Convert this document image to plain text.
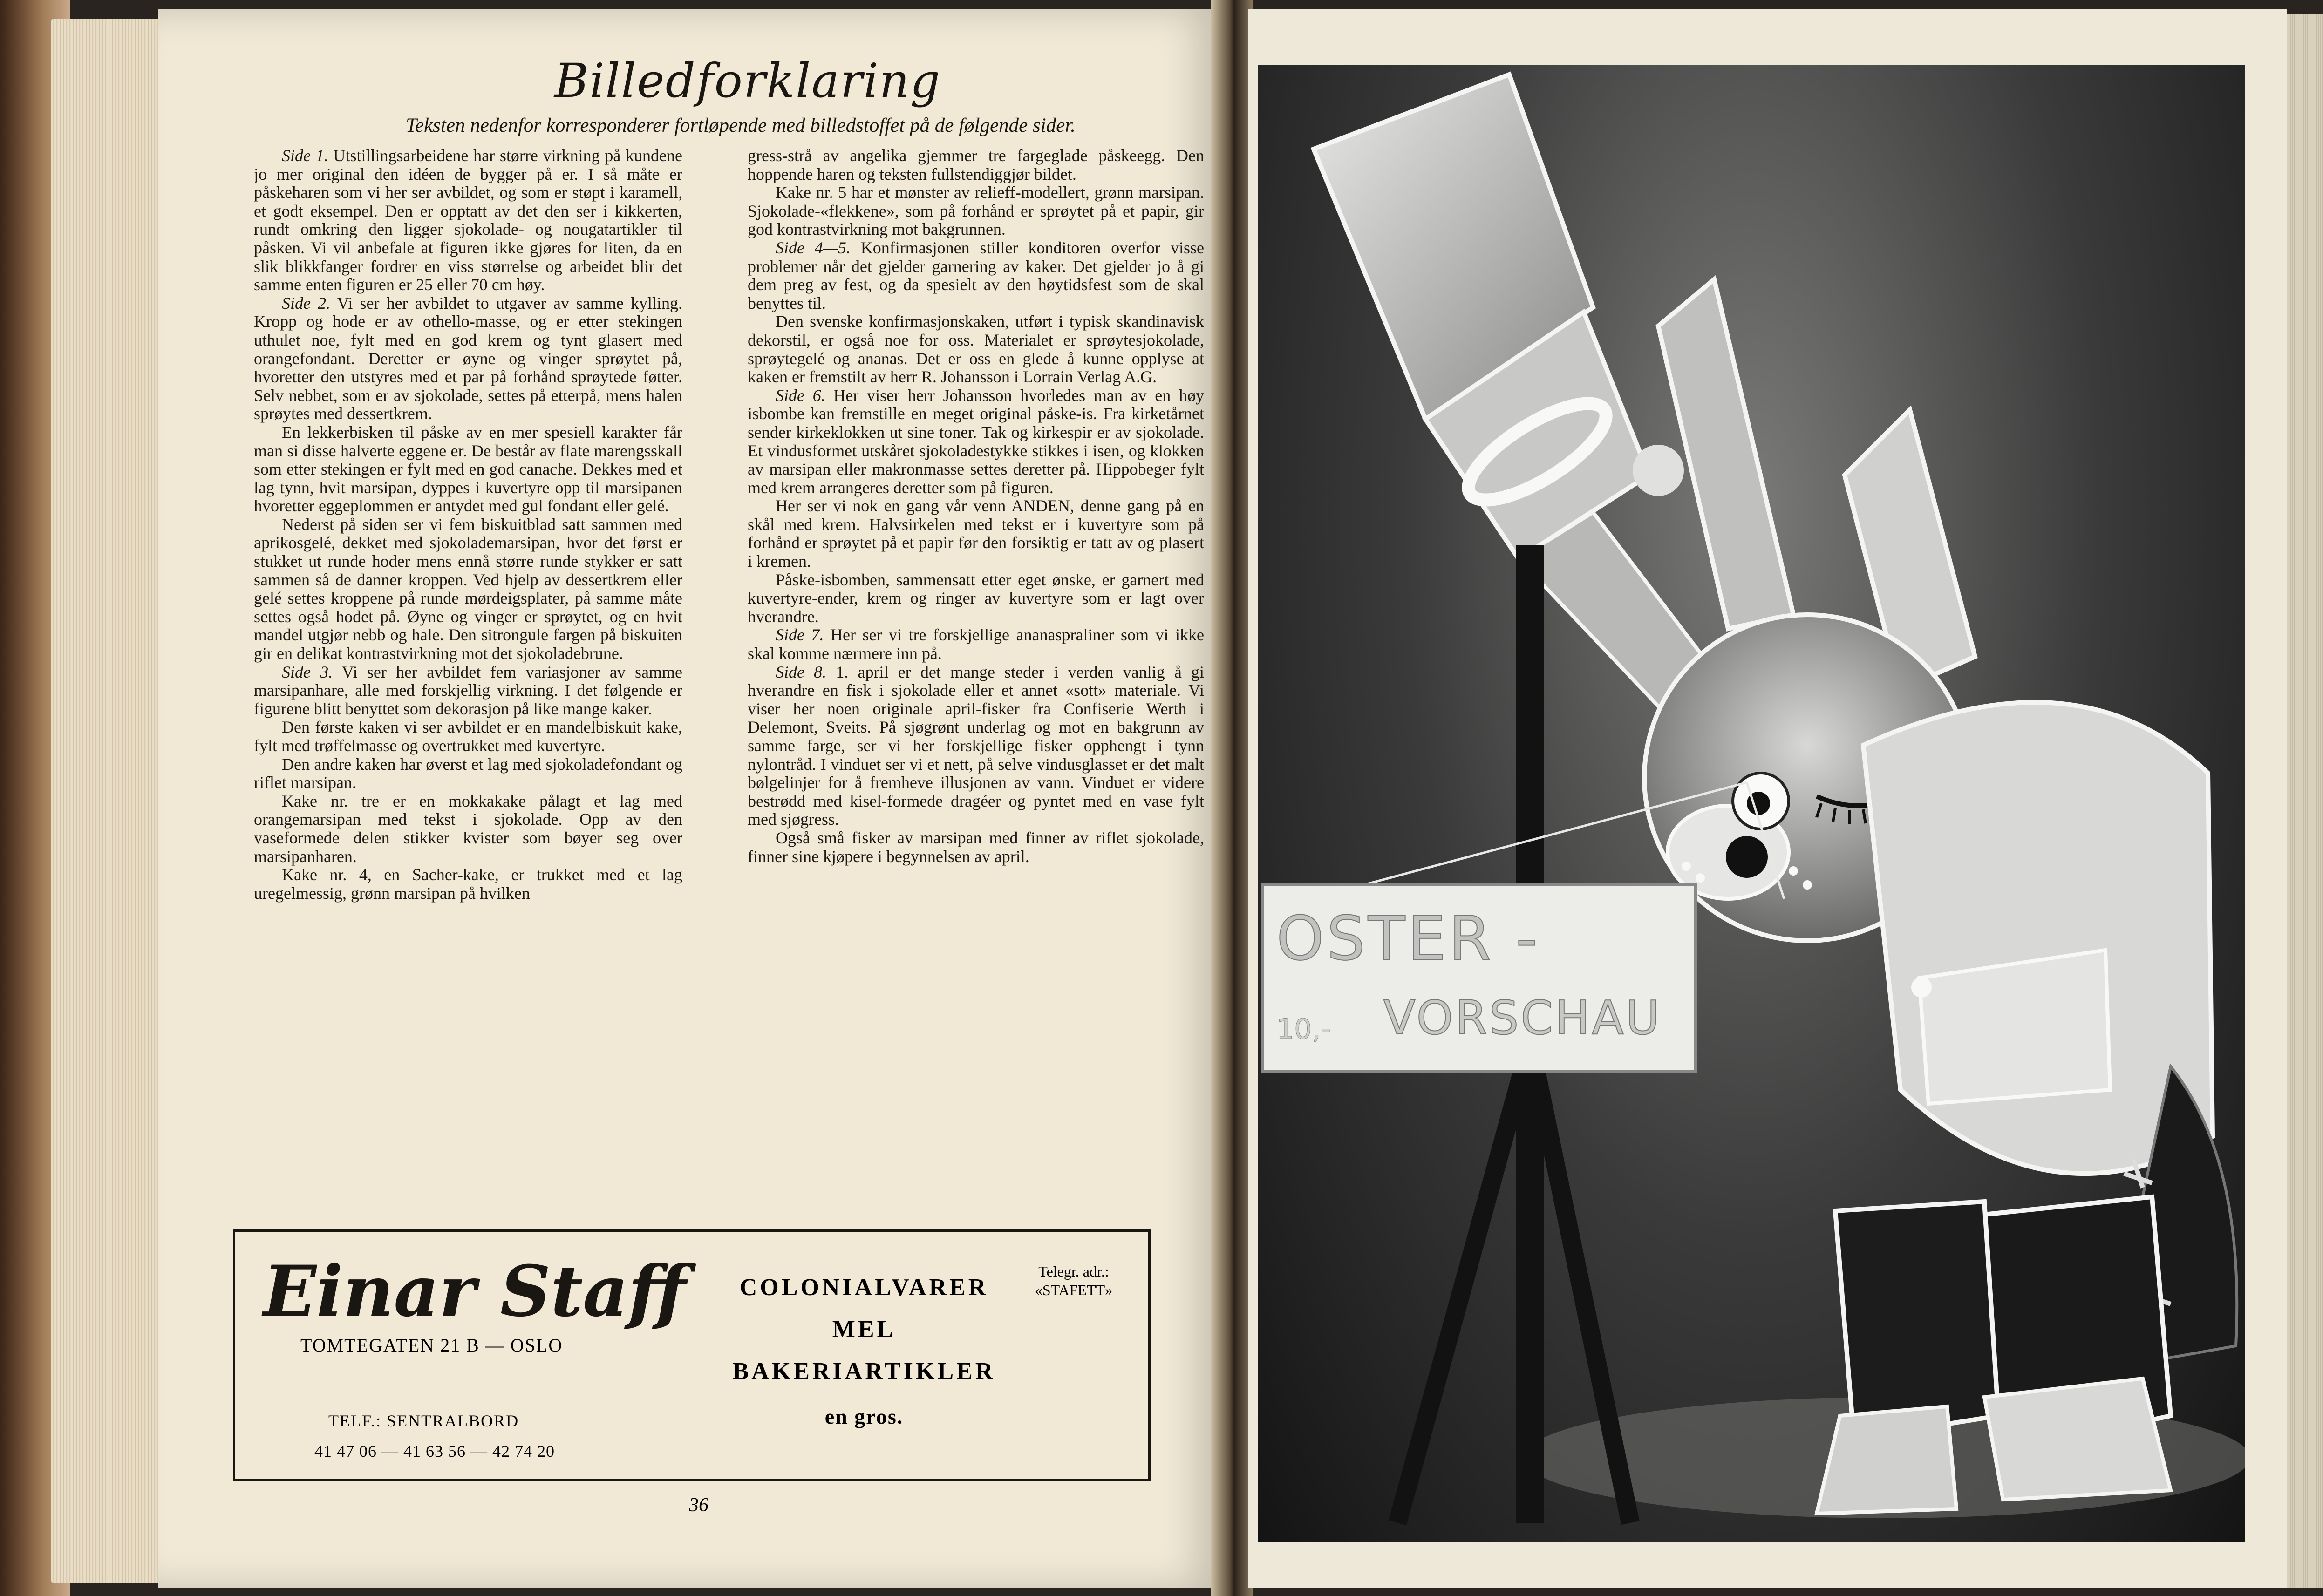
Billedforklaring
Teksten nedenfor korresponderer fortløpende med billedstoffet på de følgende sider.

Side 1. Utstillingsarbeidene har større virkning på kundene jo mer original den idéen de bygger på er. I så måte er påskeharen som vi her ser avbildet, og som er støpt i karamell, et godt eksempel. Den er opptatt av det den ser i kikkerten, rundt omkring den ligger sjokolade- og nougatartikler til påsken. Vi vil anbefale at figuren ikke gjøres for liten, da en slik blikkfanger fordrer en viss størrelse og arbeidet blir det samme enten figuren er 25 eller 70 cm høy.

Side 2. Vi ser her avbildet to utgaver av samme kylling. Kropp og hode er av othello-masse, og er etter stekingen uthulet noe, fylt med en god krem og tynt glasert med orangefondant. Deretter er øyne og vinger sprøytet på, hvoretter den utstyres med et par på forhånd sprøytede føtter. Selv nebbet, som er av sjokolade, settes på etterpå, mens halen sprøytes med dessertkrem.

En lekkerbisken til påske av en mer spesiell karakter får man si disse halverte eggene er. De består av flate marengsskall som etter stekingen er fylt med en god canache. Dekkes med et lag tynn, hvit marsipan, dyppes i kuvertyre opp til marsipanen hvoretter eggeplommen er antydet med gul fondant eller gelé.

Nederst på siden ser vi fem biskuitblad satt sammen med aprikosgelé, dekket med sjokolademarsipan, hvor det først er stukket ut runde hoder mens ennå større runde stykker er satt sammen så de danner kroppen. Ved hjelp av dessertkrem eller gelé settes kroppene på runde mørdeigsplater, på samme måte settes også hodet på. Øyne og vinger er sprøytet, og en hvit mandel utgjør nebb og hale. Den sitrongule fargen på biskuiten gir en delikat kontrastvirkning mot det sjokoladebrune.

Side 3. Vi ser her avbildet fem variasjoner av samme marsipanhare, alle med forskjellig virkning. I det følgende er figurene blitt benyttet som dekorasjon på like mange kaker.

Den første kaken vi ser avbildet er en mandelbiskuit kake, fylt med trøffelmasse og overtrukket med kuvertyre.

Den andre kaken har øverst et lag med sjokoladefondant og riflet marsipan.

Kake nr. tre er en mokkakake pålagt et lag med orangemarsipan med tekst i sjokolade. Opp av den vaseformede delen stikker kvister som bøyer seg over marsipanharen.

Kake nr. 4, en Sacher-kake, er trukket med et lag uregelmessig, grønn marsipan på hvilken

gress-strå av angelika gjemmer tre fargeglade påskeegg. Den hoppende haren og teksten fullstendiggjør bildet.

Kake nr. 5 har et mønster av relieff-modellert, grønn marsipan. Sjokolade-«flekkene», som på forhånd er sprøytet på et papir, gir god kontrastvirkning mot bakgrunnen.

Side 4—5. Konfirmasjonen stiller konditoren overfor visse problemer når det gjelder garnering av kaker. Det gjelder jo å gi dem preg av fest, og da spesielt av den høytidsfest som de skal benyttes til.

Den svenske konfirmasjonskaken, utført i typisk skandinavisk dekorstil, er også noe for oss. Materialet er sprøytesjokolade, sprøytegelé og ananas. Det er oss en glede å kunne opplyse at kaken er fremstilt av herr R. Johansson i Lorrain Verlag A.G.

Side 6. Her viser herr Johansson hvorledes man av en høy isbombe kan fremstille en meget original påske-is. Fra kirketårnet sender kirkeklokken ut sine toner. Tak og kirkespir er av sjokolade. Et vindusformet utskåret sjokoladestykke stikkes i isen, og klokken av marsipan eller makronmasse settes deretter på. Hippobeger fylt med krem arrangeres deretter som på figuren.

Her ser vi nok en gang vår venn ANDEN, denne gang på en skål med krem. Halvsirkelen med tekst er i kuvertyre som på forhånd er sprøytet på et papir før den forsiktig er tatt av og plasert i kremen.

Påske-isbomben, sammensatt etter eget ønske, er garnert med kuvertyre-ender, krem og ringer av kuvertyre som er lagt over hverandre.

Side 7. Her ser vi tre forskjellige ananaspraliner som vi ikke skal komme nærmere inn på.

Side 8. 1. april er det mange steder i verden vanlig å gi hverandre en fisk i sjokolade eller et annet «sott» materiale. Vi viser her noen originale april-fisker fra Confiserie Werth i Delemont, Sveits. På sjøgrønt underlag og mot en bakgrunn av samme farge, ser vi her forskjellige fisker opphengt i tynn nylontråd. I vinduet ser vi et nett, på selve vindusglasset er det malt bølgelinjer for å fremheve illusjonen av vann. Vinduet er videre bestrødd med kisel-formede dragéer og pyntet med en vase fylt med sjøgress.

Også små fisker av marsipan med finner av riflet sjokolade, finner sine kjøpere i begynnelsen av april.

Einar Staff
TOMTEGATEN 21 B — OSLO
TELF.: SENTRALBORD
41 47 06 — 41 63 56 — 42 74 20
Telegr. adr.:
«STAFETT»
COLONIALVARER
MEL
BAKERIARTIKLER
en gros.
36
OSTER -
VORSCHAU
10,-
